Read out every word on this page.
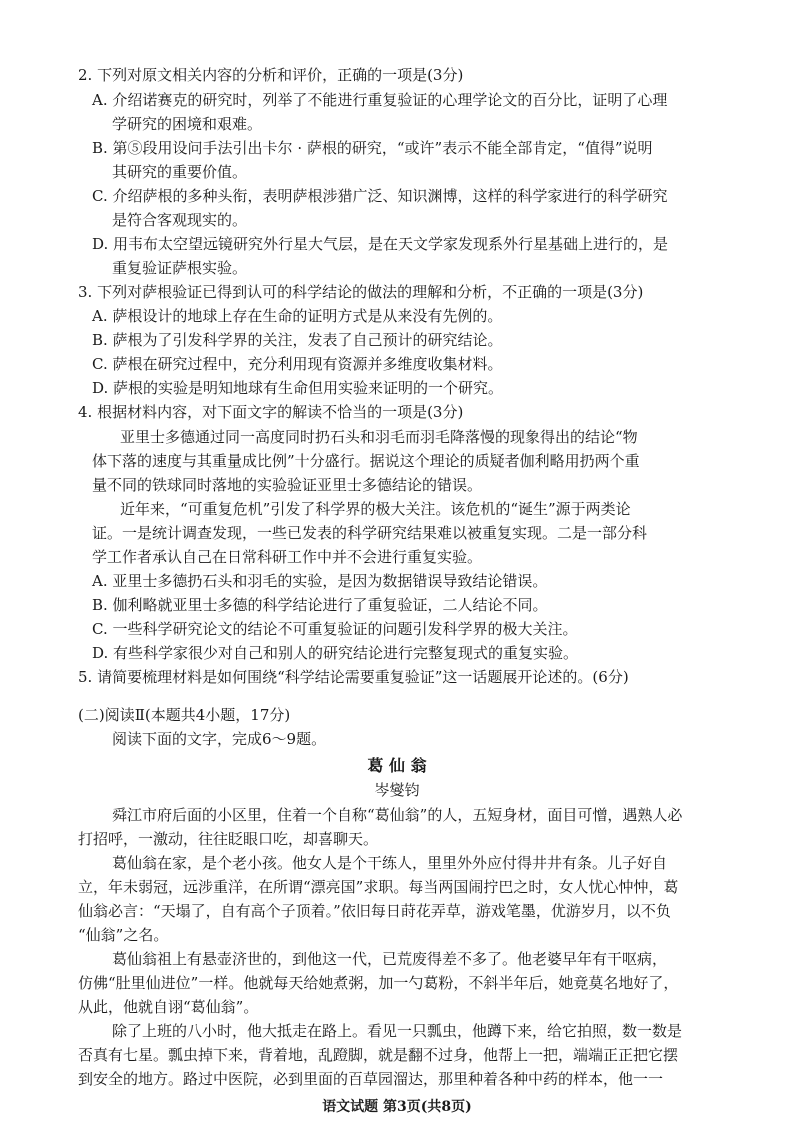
2. 下列对原文相关内容的分析和评价，正确的一项是(3分)
A. 介绍诺赛克的研究时，列举了不能进行重复验证的心理学论文的百分比，证明了心理
学研究的困境和艰难。
B. 第⑤段用设问手法引出卡尔 · 萨根的研究，“或许”表示不能全部肯定，“值得”说明
其研究的重要价值。
C. 介绍萨根的多种头衔，表明萨根涉猎广泛、知识渊博，这样的科学家进行的科学研究
是符合客观现实的。
D. 用韦布太空望远镜研究外行星大气层，是在天文学家发现系外行星基础上进行的，是
重复验证萨根实验。
3. 下列对萨根验证已得到认可的科学结论的做法的理解和分析，不正确的一项是(3分)
A. 萨根设计的地球上存在生命的证明方式是从来没有先例的。
B. 萨根为了引发科学界的关注，发表了自己预计的研究结论。
C. 萨根在研究过程中，充分利用现有资源并多维度收集材料。
D. 萨根的实验是明知地球有生命但用实验来证明的一个研究。
4. 根据材料内容，对下面文字的解读不恰当的一项是(3分)
亚里士多德通过同一高度同时扔石头和羽毛而羽毛降落慢的现象得出的结论“物
体下落的速度与其重量成比例”十分盛行。据说这个理论的质疑者伽利略用扔两个重
量不同的铁球同时落地的实验验证亚里士多德结论的错误。
近年来，“可重复危机”引发了科学界的极大关注。该危机的“诞生”源于两类论
证。一是统计调查发现，一些已发表的科学研究结果难以被重复实现。二是一部分科
学工作者承认自己在日常科研工作中并不会进行重复实验。
A. 亚里士多德扔石头和羽毛的实验，是因为数据错误导致结论错误。
B. 伽利略就亚里士多德的科学结论进行了重复验证，二人结论不同。
C. 一些科学研究论文的结论不可重复验证的问题引发科学界的极大关注。
D. 有些科学家很少对自己和别人的研究结论进行完整复现式的重复实验。
5. 请简要梳理材料是如何围绕“科学结论需要重复验证”这一话题展开论述的。(6分)
(二)阅读Ⅱ(本题共4小题，17分)
阅读下面的文字，完成6～9题。
葛 仙 翁
岑燮钧
舜江市府后面的小区里，住着一个自称“葛仙翁”的人，五短身材，面目可憎，遇熟人必
打招呼，一激动，往往眨眼口吃，却喜聊天。
葛仙翁在家，是个老小孩。他女人是个干练人，里里外外应付得井井有条。儿子好自
立，年未弱冠，远涉重洋，在所谓“漂亮国”求职。每当两国闹拧巴之时，女人忧心忡忡，葛
仙翁必言：“天塌了，自有高个子顶着。”依旧每日莳花弄草，游戏笔墨，优游岁月，以不负
“仙翁”之名。
葛仙翁祖上有悬壶济世的，到他这一代，已荒废得差不多了。他老婆早年有干呕病，
仿佛“肚里仙进位”一样。他就每天给她煮粥，加一勺葛粉，不斜半年后，她竟莫名地好了，
从此，他就自诩“葛仙翁”。
除了上班的八小时，他大抵走在路上。看见一只瓢虫，他蹲下来，给它拍照，数一数是
否真有七星。瓢虫掉下来，背着地，乱蹬脚，就是翻不过身，他帮上一把，端端正正把它摆
到安全的地方。路过中医院，必到里面的百草园溜达，那里种着各种中药的样本，他一一
语文试题 第3页(共8页)
